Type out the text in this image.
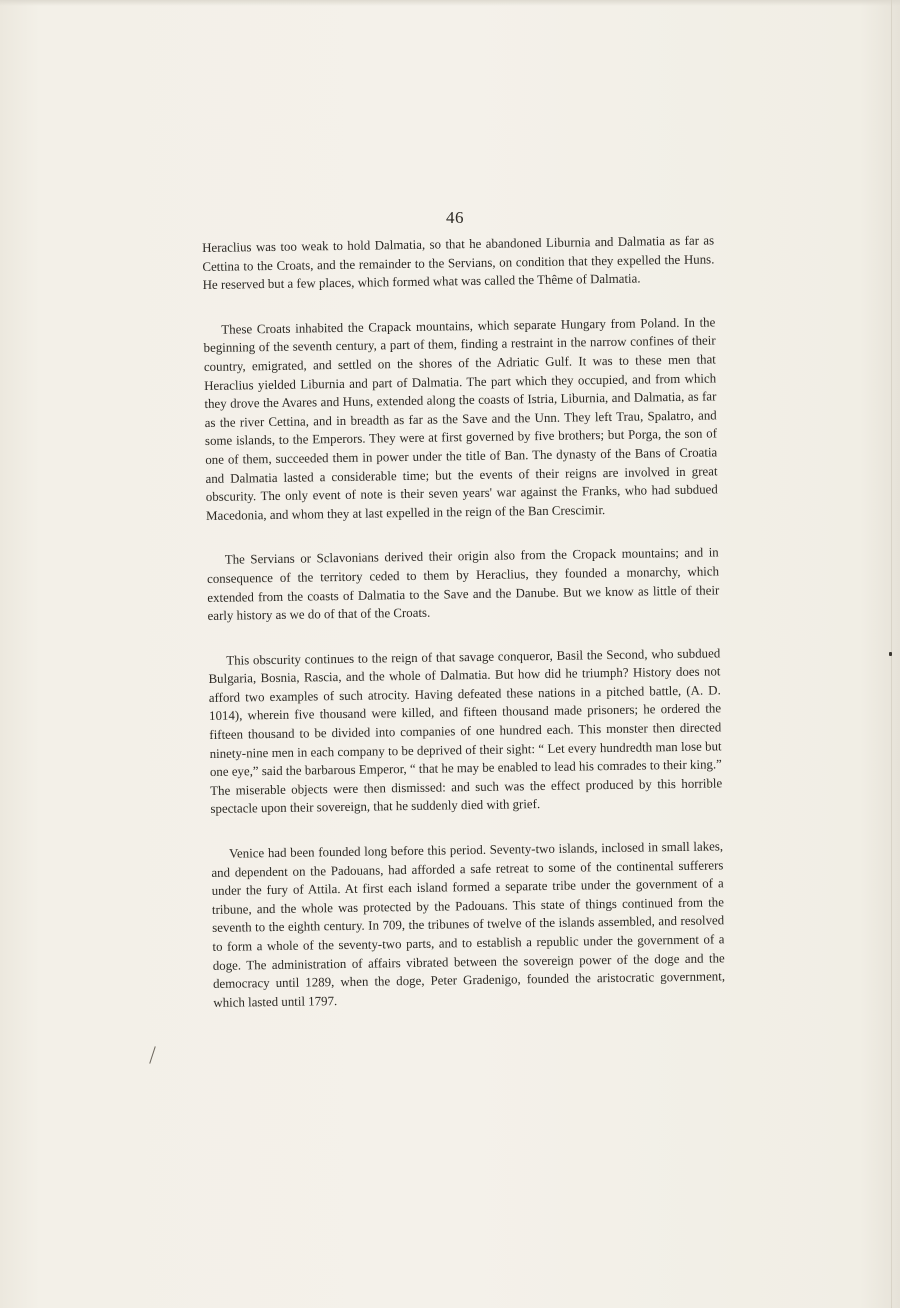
46

Heraclius was too weak to hold Dalmatia, so that he abandoned Liburnia and Dalmatia as far as Cettina to the Croats, and the remainder to the Servians, on condition that they expelled the Huns. He reserved but a few places, which formed what was called the Thême of Dalmatia.

These Croats inhabited the Crapack mountains, which separate Hungary from Poland. In the beginning of the seventh century, a part of them, finding a restraint in the narrow confines of their country, emigrated, and settled on the shores of the Adriatic Gulf. It was to these men that Heraclius yielded Liburnia and part of Dalmatia. The part which they occupied, and from which they drove the Avares and Huns, extended along the coasts of Istria, Liburnia, and Dalmatia, as far as the river Cettina, and in breadth as far as the Save and the Unn. They left Trau, Spalatro, and some islands, to the Emperors. They were at first governed by five brothers; but Porga, the son of one of them, succeeded them in power under the title of Ban. The dynasty of the Bans of Croatia and Dalmatia lasted a considerable time; but the events of their reigns are involved in great obscurity. The only event of note is their seven years' war against the Franks, who had subdued Macedonia, and whom they at last expelled in the reign of the Ban Crescimir.

The Servians or Sclavonians derived their origin also from the Cropack mountains; and in consequence of the territory ceded to them by Heraclius, they founded a monarchy, which extended from the coasts of Dalmatia to the Save and the Danube. But we know as little of their early history as we do of that of the Croats.

This obscurity continues to the reign of that savage conqueror, Basil the Second, who subdued Bulgaria, Bosnia, Rascia, and the whole of Dalmatia. But how did he triumph? History does not afford two examples of such atrocity. Having defeated these nations in a pitched battle, (A. D. 1014), wherein five thousand were killed, and fifteen thousand made prisoners; he ordered the fifteen thousand to be divided into companies of one hundred each. This monster then directed ninety-nine men in each company to be deprived of their sight: “ Let every hundredth man lose but one eye,” said the barbarous Emperor, “ that he may be enabled to lead his comrades to their king.” The miserable objects were then dismissed: and such was the effect produced by this horrible spectacle upon their sovereign, that he suddenly died with grief.

Venice had been founded long before this period. Seventy-two islands, inclosed in small lakes, and dependent on the Padouans, had afforded a safe retreat to some of the continental sufferers under the fury of Attila. At first each island formed a separate tribe under the government of a tribune, and the whole was protected by the Padouans. This state of things continued from the seventh to the eighth century. In 709, the tribunes of twelve of the islands assembled, and resolved to form a whole of the seventy-two parts, and to establish a republic under the government of a doge. The administration of affairs vibrated between the sovereign power of the doge and the democracy until 1289, when the doge, Peter Gradenigo, founded the aristocratic government, which lasted until 1797.
